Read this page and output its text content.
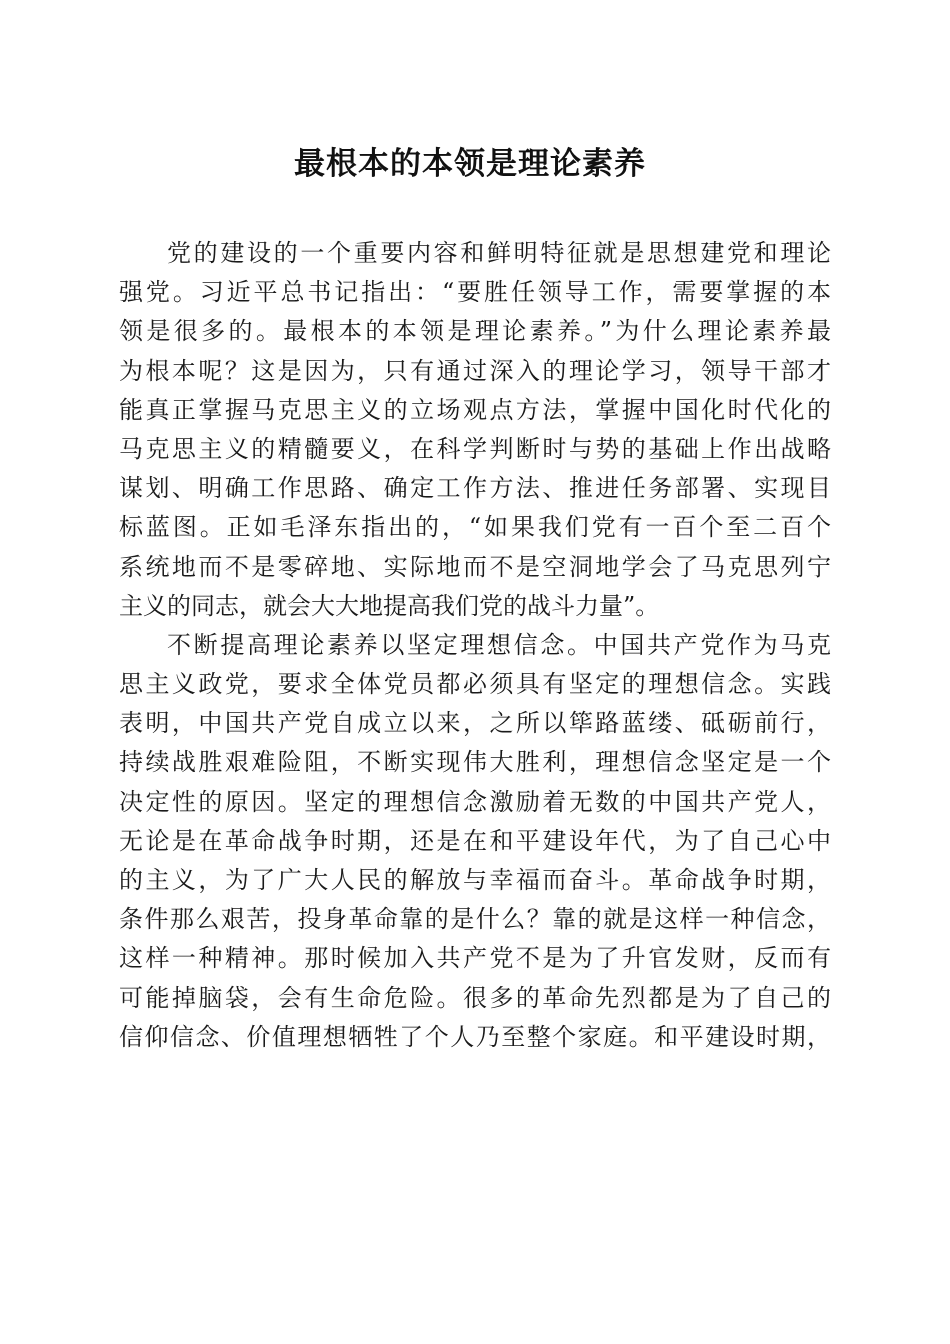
最根本的本领是理论素养
党的建设的一个重要内容和鲜明特征就是思想建党和理论
强党。习近平总书记指出：“要胜任领导工作，需要掌握的本
领是很多的。最根本的本领是理论素养。”为什么理论素养最
为根本呢？这是因为，只有通过深入的理论学习，领导干部才
能真正掌握马克思主义的立场观点方法，掌握中国化时代化的
马克思主义的精髓要义，在科学判断时与势的基础上作出战略
谋划、明确工作思路、确定工作方法、推进任务部署、实现目
标蓝图。正如毛泽东指出的，“如果我们党有一百个至二百个
系统地而不是零碎地、实际地而不是空洞地学会了马克思列宁
主义的同志，就会大大地提高我们党的战斗力量”。
不断提高理论素养以坚定理想信念。中国共产党作为马克
思主义政党，要求全体党员都必须具有坚定的理想信念。实践
表明，中国共产党自成立以来，之所以筚路蓝缕、砥砺前行，
持续战胜艰难险阻，不断实现伟大胜利，理想信念坚定是一个
决定性的原因。坚定的理想信念激励着无数的中国共产党人，
无论是在革命战争时期，还是在和平建设年代，为了自己心中
的主义，为了广大人民的解放与幸福而奋斗。革命战争时期，
条件那么艰苦，投身革命靠的是什么？靠的就是这样一种信念，
这样一种精神。那时候加入共产党不是为了升官发财，反而有
可能掉脑袋，会有生命危险。很多的革命先烈都是为了自己的
信仰信念、价值理想牺牲了个人乃至整个家庭。和平建设时期，
